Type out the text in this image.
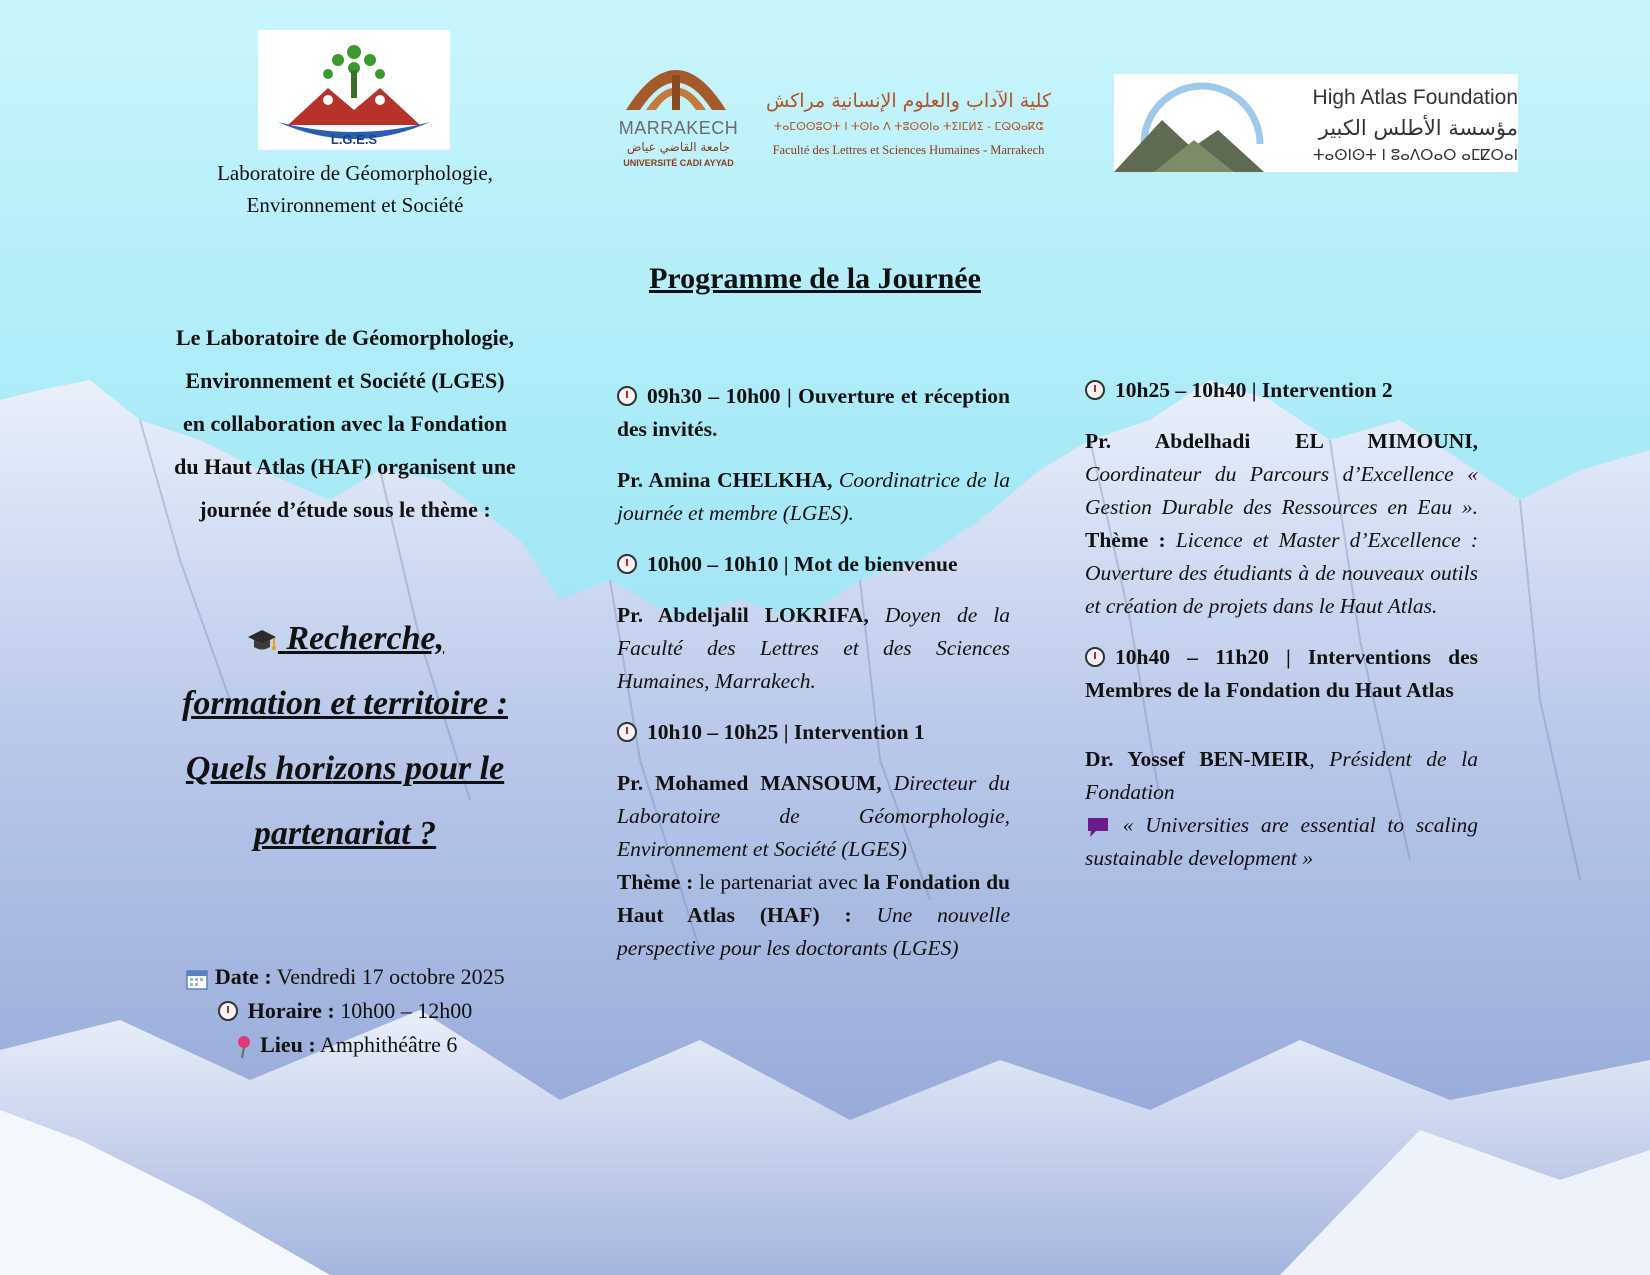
L.G.E.S
Laboratoire de Géomorphologie,
Environnement et Société
MARRAKECH
جامعة القاضي عياض
UNIVERSITÉ CADI AYYAD
كلية الآداب والعلوم الإنسانية مراكش
ⵜⴰⵎⵙⵙⵓⵔⵜ ⵏ ⵜⵙⵏⴰ ⴷ ⵜⵓⵙⵙⵏⴰ ⵜⵉⵏⵎⵍⵉ - ⵎⵕⵕⴰⴽⵛ
Faculté des Lettres et Sciences Humaines - Marrakech
High Atlas Foundation
مؤسسة الأطلس الكبير
ⵜⴰⵙⵏⵙⵜ ⵏ ⵓⴰⴷⵔⴰⵔ ⴰⵎⵇⵔⴰⵏ
Programme de la Journée
Le Laboratoire de Géomorphologie,
Environnement et Société (LGES)
en collaboration avec la Fondation
du Haut Atlas (HAF) organisent une
journée d’étude sous le thème :
Recherche,
formation et territoire :
Quels horizons pour le
partenariat ?
Date : Vendredi 17 octobre 2025
Horaire : 10h00 – 12h00
Lieu : Amphithéâtre 6

09h30 – 10h00 | Ouverture et réception des invités.

Pr. Amina CHELKHA, Coordinatrice de la journée et membre (LGES).

10h00 – 10h10 | Mot de bienvenue

Pr. Abdeljalil LOKRIFA, Doyen de la Faculté des Lettres et des Sciences Humaines, Marrakech.

10h10 – 10h25 | Intervention 1

Pr. Mohamed MANSOUM, Directeur du Laboratoire de Géomorphologie, Environnement et Société (LGES)

Thème : le partenariat avec la Fondation du Haut Atlas (HAF) : Une nouvelle perspective pour les doctorants (LGES)

10h25 – 10h40 | Intervention 2

Pr. Abdelhadi EL MIMOUNI, Coordinateur du Parcours d’Excellence « Gestion Durable des Ressources en Eau ». Thème : Licence et Master d’Excellence : Ouverture des étudiants à de nouveaux outils et création de projets dans le Haut Atlas.

10h40 – 11h20 | Interventions des Membres de la Fondation du Haut Atlas

Dr. Yossef BEN-MEIR, Président de la Fondation

« Universities are essential to scaling sustainable development »
